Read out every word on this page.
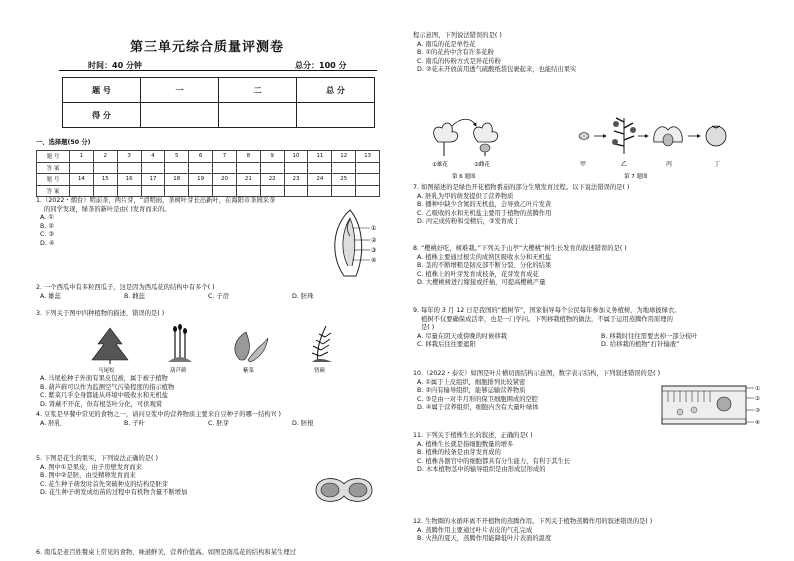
第三单元综合质量评测卷
时间：40 分钟	总分：100 分
题 号	一	二	总 分
得 分			
一、选择题(50 分)
题 号	1	2	3	4	5	6	7	8	9	10	11	12	13
答 案													
题 号	14	15	16	17	18	19	20	21	22	23	24	25	
答 案													
1.（2022・烟台）明前茶，两片芽，“清明雨，茶树叶芽长出新叶，在海阳市茶园采茶
的同学发现，绿茶的新叶是由( )发育而来的。
A. ①
B. ②
C. ③
D. ④
①
②
③
④
2. 一个西瓜中有多粒西瓜子，这是因为西瓜花的结构中有多个( )
A. 雄蕊	B. 雌蕊	C. 子房	D. 胚珠
3. 下列关于图中四种植物的描述，错误的是( )
马尾松	葫芦藓	紫菜	肾蕨
A. 马尾松种子外面有果皮包被，属于被子植物
B. 葫芦藓可以作为监测空气污染程度的指示植物
C. 紫菜几乎全身都能从环境中吸收水和无机盐
D. 肾蕨不开花，但有根茎叶分化，可供观赏
4. 豆浆是早餐中常见的食物之一，请问豆浆中的营养物质主要来自豆种子的哪一结构?( )
A. 胚乳	B. 子叶	C. 胚芽	D. 胚根
5. 下图是花生的果实，下列说法正确的是( )
A. 图中①是果皮，由子房壁发育而来
B. 图中②是胚，由受精卵发育而来
C. 花生种子萌发时首先突破种皮的结构是胚芽
D. 花生种子萌发成幼苗的过程中有机物含量不断增加
6. 南瓜是老百姓餐桌上常见的食物，味道鲜美，营养价值高。如图是南瓜花的结构和某生理过
程示意图，下列说法错误的是( )
A. 南瓜的花是单性花
B. ①的花药中含有许多花粉
C. 南瓜的传粉方式是异花传粉
D. ②花未开放前用透气硫酸纸袋包裹起来，也能结出果实
①雄花	②雌花
第 6 题图
甲	乙	丙	丁
第 7 题图
7. 如图描述的是绿色开花植物番茄的部分生殖发育过程。以下说法错误的是( )
A. 胚乳为甲的萌发提供了营养物质
B. 播种中缺少含氮的无机盐，会导致乙叶片发黄
C. 乙吸收的水和无机盐主要用于植物的蒸腾作用
D. 丙完成传粉和受精后，③发育成丁
8. “樱桃好吃，树难栽。”下列关于山亭“大樱桃”树生长发育的叙述错误的是( )
A. 植株主要通过根尖的成熟区吸收水分和无机盐
B. 茎的不断增粗是韧皮部不断分裂、分化的结果
C. 植株上的叶芽发育成枝条，花芽发育成花
D. 大樱桃树进行嫁接或扦插，可提高樱桃产量
9. 每年的 3 月 12 日是我国的“植树节”，国家倡导每个公民每年参加义务植树，为地球披绿衣。
植树不仅要确保成活率，也是一门学问。下列移栽植物的做法，不属于运用蒸腾作用原理的
是( )
A. 尽量在阴天或傍晚的时候移栽	B. 移栽时往往需要去掉一部分枝叶
C. 移栽后往往要遮阳	D. 给移栽的植物“打针输液”
10.（2022・泰安）如图是叶片横切面结构示意图，数字表示结构，下列叙述错误的是( )
A. ①属于上皮组织，细胞排列比较紧密
B. ②内有输导组织，能够运输营养物质
C. ③是由一对半月形的保卫细胞围成的空腔
D. ④属于营养组织，细胞内含有大量叶绿体
①
②
③
④
11. 下列关于植株生长的叙述，正确的是( )
A. 植株生长就是指细胞数量的增多
B. 植株的枝条是由芽发育成的
C. 植株各器官中的细胞都具有分生能力，有利于其生长
D. 木本植物茎中的输导组织是由形成层形成的
12. 生物圈的水循环离不开植物的蒸腾作用。下列关于植物蒸腾作用的叙述错误的是( )
A. 蒸腾作用主要通过叶片表皮的气孔完成
B. 火热的夏天，蒸腾作用能降低叶片表面的温度
